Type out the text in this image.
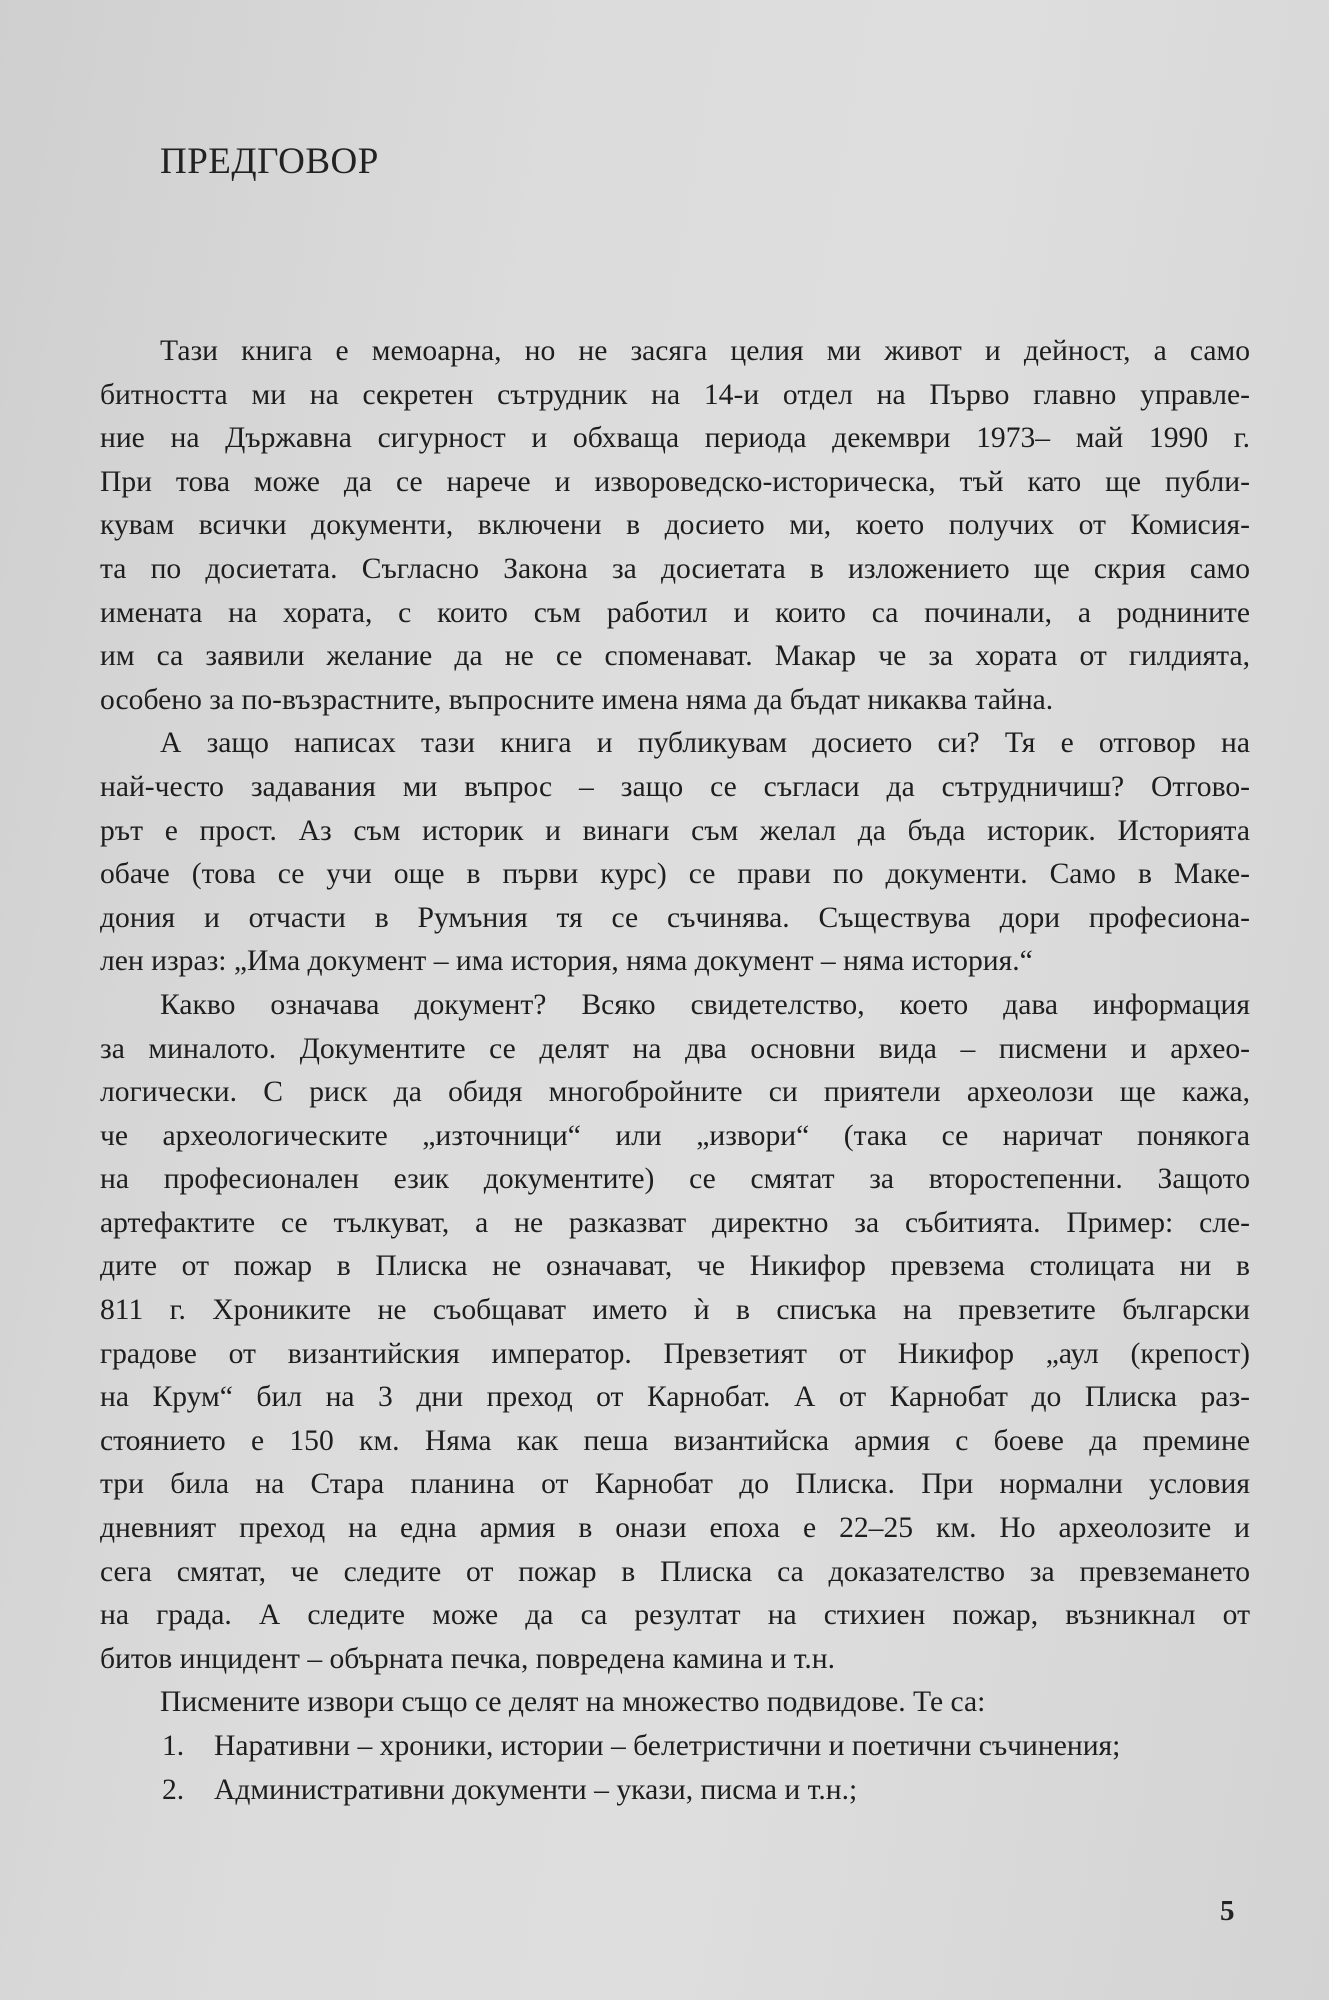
ПРЕДГОВОР
Тази книга е мемоарна, но не засяга целия ми живот и дейност, а само
битността ми на секретен сътрудник на 14-и отдел на Първо главно управле-
ние на Държавна сигурност и обхваща периода декември 1973– май 1990 г.
При това може да се нарече и извороведско-историческа, тъй като ще публи-
кувам всички документи, включени в досието ми, което получих от Комисия-
та по досиетата. Съгласно Закона за досиетата в изложението ще скрия само
имената на хората, с които съм работил и които са починали, а роднините
им са заявили желание да не се споменават. Макар че за хората от гилдията,
особено за по-възрастните, въпросните имена няма да бъдат никаква тайна.
А защо написах тази книга и публикувам досието си? Тя е отговор на
най-често задавания ми въпрос – защо се съгласи да сътрудничиш? Отгово-
рът е прост. Аз съм историк и винаги съм желал да бъда историк. Историята
обаче (това се учи още в първи курс) се прави по документи. Само в Маке-
дония и отчасти в Румъния тя се съчинява. Съществува дори професионa-
лен израз: „Има документ – има история, няма документ – няма история.“
Какво означава документ? Всяко свидетелство, което дава информация
за миналото. Документите се делят на два основни вида – писмени и археo-
логически. С риск да обидя многобройните си приятели археолози ще кажа,
че археологическите „източници“ или „извори“ (така се наричат понякога
на професионален език документите) се смятат за второстепенни. Защото
артефактите се тълкуват, а не разказват директно за събитията. Пример: сле-
дите от пожар в Плиска не означават, че Никифор превзема столицата ни в
811 г. Хрониките не съобщават името ѝ в списъка на превзетите български
градове от византийския император. Превзетият от Никифор „аул (крепост)
на Крум“ бил на 3 дни преход от Карнобат. А от Карнобат до Плиска раз-
стоянието е 150 км. Няма как пеша византийска армия с боеве да премине
три била на Стара планина от Карнобат до Плиска. При нормални условия
дневният преход на една армия в онази епоха е 22–25 км. Но археолозите и
сега смятат, че следите от пожар в Плиска са доказателство за превземането
на града. А следите може да са резултат на стихиен пожар, възникнал от
битов инцидент – обърната печка, повредена камина и т.н.
Писмените извори също се делят на множество подвидове. Те са:
1. Наративни – хроники, истории – белетристични и поетични съчинения;
2. Административни документи – укази, писма и т.н.;
5
